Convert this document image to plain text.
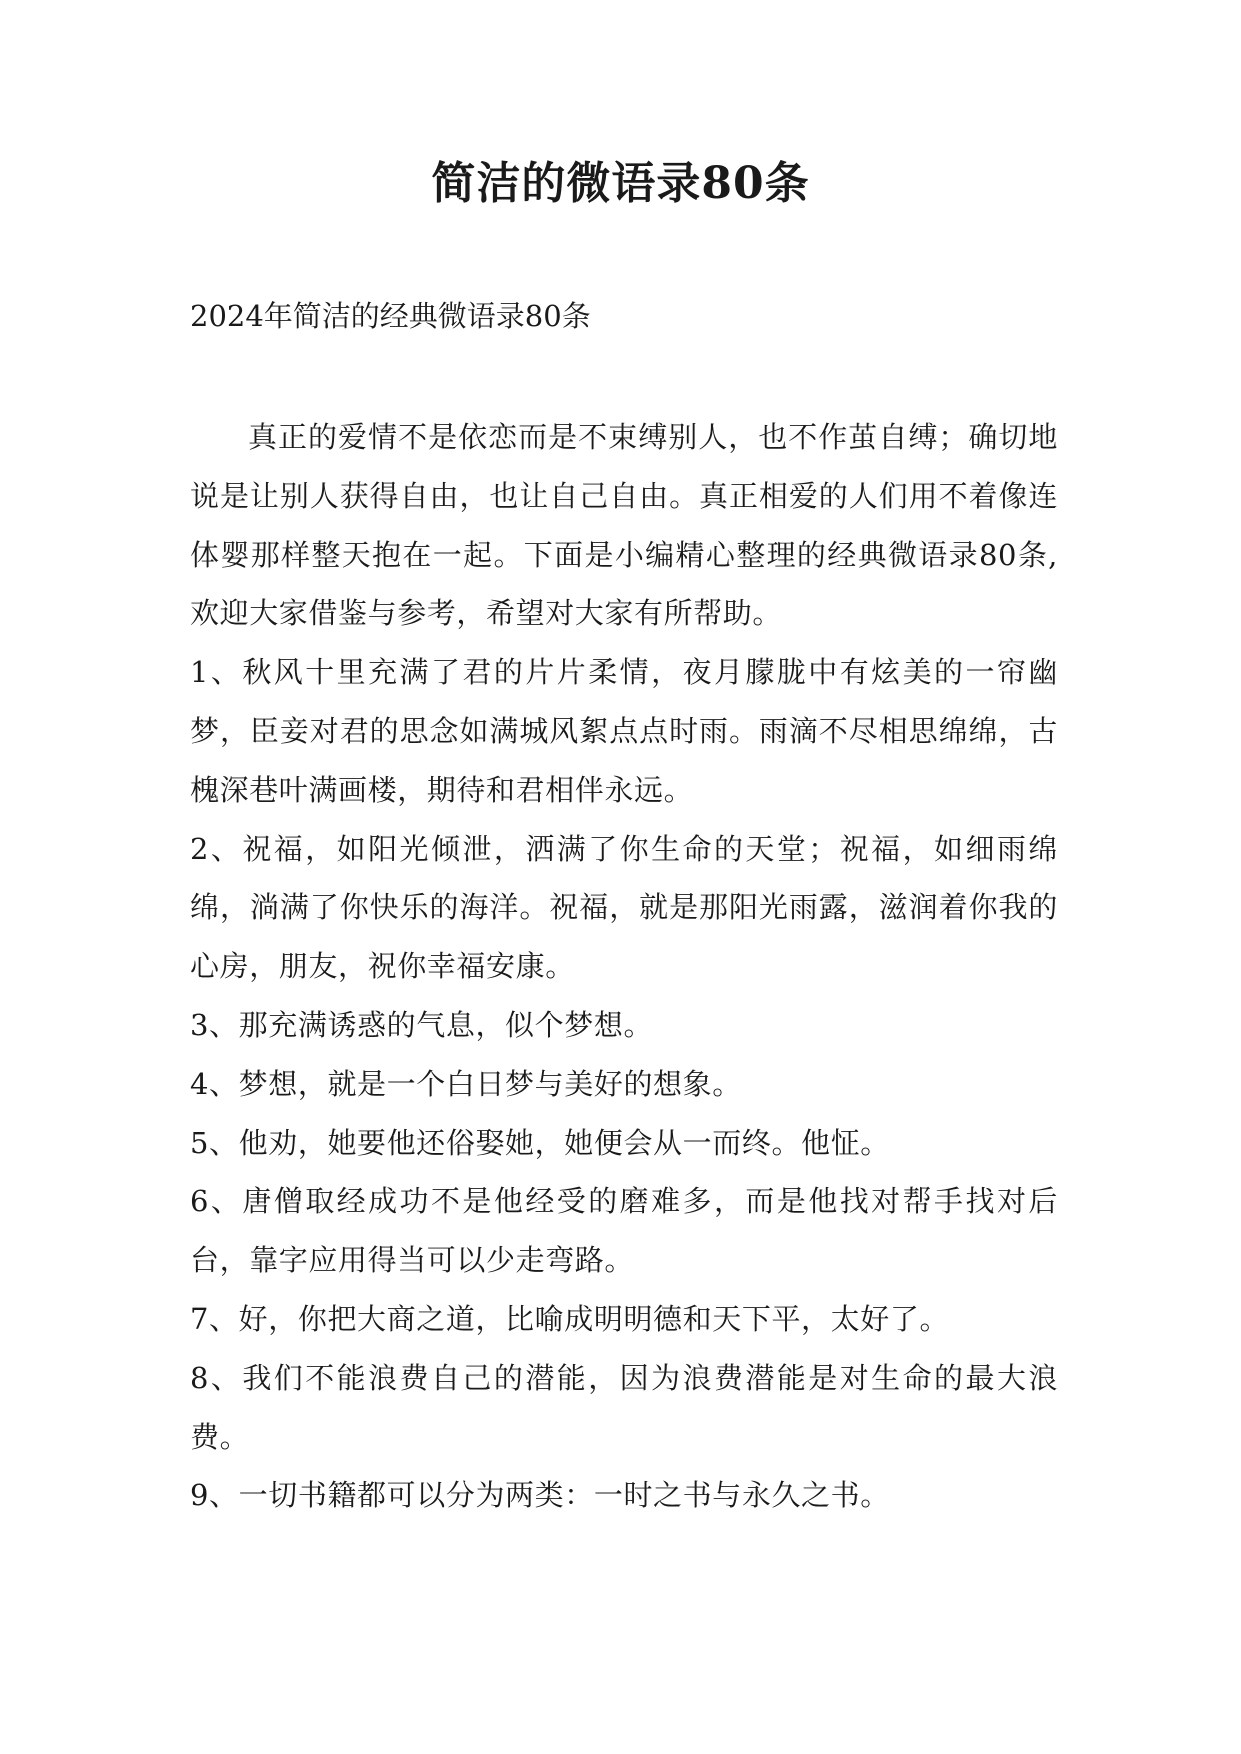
简洁的微语录80条

2024年简洁的经典微语录80条

真正的爱情不是依恋而是不束缚别人，也不作茧自缚；确切地说是让别人获得自由，也让自己自由。真正相爱的人们用不着像连体婴那样整天抱在一起。下面是小编精心整理的经典微语录80条,欢迎大家借鉴与参考，希望对大家有所帮助。

1、秋风十里充满了君的片片柔情，夜月朦胧中有炫美的一帘幽梦，臣妾对君的思念如满城风絮点点时雨。雨滴不尽相思绵绵，古槐深巷叶满画楼，期待和君相伴永远。

2、祝福，如阳光倾泄，洒满了你生命的天堂；祝福，如细雨绵绵，淌满了你快乐的海洋。祝福，就是那阳光雨露，滋润着你我的心房，朋友，祝你幸福安康。

3、那充满诱惑的气息，似个梦想。

4、梦想，就是一个白日梦与美好的想象。

5、他劝，她要他还俗娶她，她便会从一而终。他怔。

6、唐僧取经成功不是他经受的磨难多，而是他找对帮手找对后台，靠字应用得当可以少走弯路。

7、好，你把大商之道，比喻成明明德和天下平，太好了。

8、我们不能浪费自己的潜能，因为浪费潜能是对生命的最大浪费。

9、一切书籍都可以分为两类：一时之书与永久之书。
